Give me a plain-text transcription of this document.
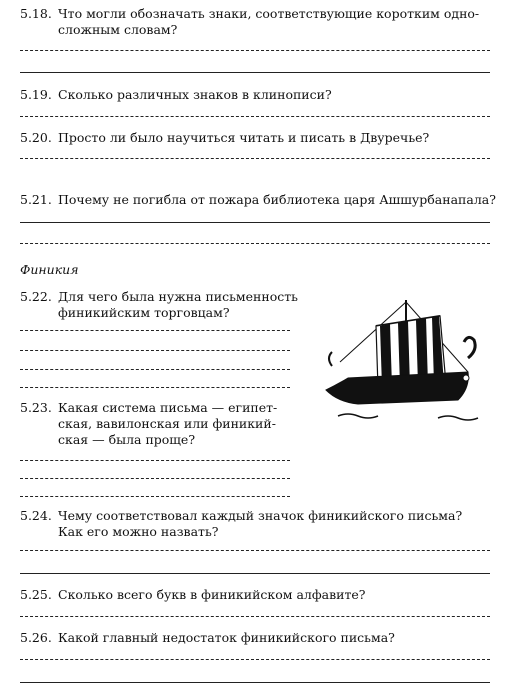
5.18. Что могли обозначать знаки, соответствующие коротким одно-
сложным словам?
5.19. Сколько различных знаков в клинописи?
5.20. Просто ли было научиться читать и писать в Двуречье?
5.21. Почему не погибла от пожара библиотека царя Ашшурбанапала?
Финикия
5.22. Для чего была нужна письменность
финикийским торговцам?
5.23. Какая система письма — египет-
ская, вавилонская или финикий-
ская — была проще?
5.24. Чему соответствовал каждый значок финикийского письма?
Как его можно назвать?
5.25. Сколько всего букв в финикийском алфавите?
5.26. Какой главный недостаток финикийского письма?
